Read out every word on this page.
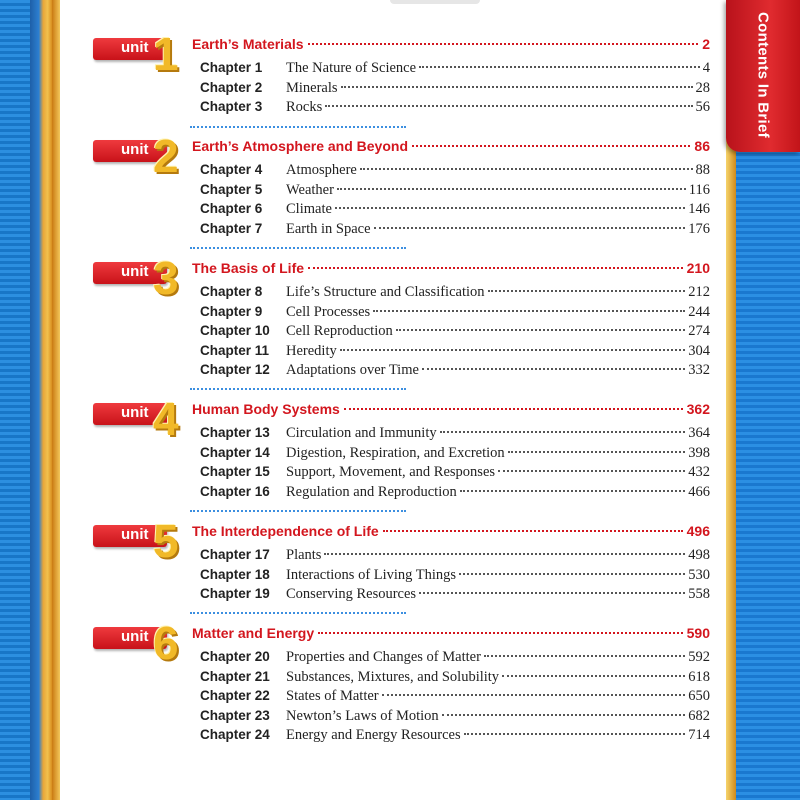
unit 1 Earth’s Materials	2
Chapter 1	The Nature of Science	4
Chapter 2	Minerals	28
Chapter 3	Rocks	56
unit 2 Earth’s Atmosphere and Beyond	86
Chapter 4	Atmosphere	88
Chapter 5	Weather	116
Chapter 6	Climate	146
Chapter 7	Earth in Space	176
unit 3 The Basis of Life	210
Chapter 8	Life’s Structure and Classification	212
Chapter 9	Cell Processes	244
Chapter 10	Cell Reproduction	274
Chapter 11	Heredity	304
Chapter 12	Adaptations over Time	332
unit 4 Human Body Systems	362
Chapter 13	Circulation and Immunity	364
Chapter 14	Digestion, Respiration, and Excretion	398
Chapter 15	Support, Movement, and Responses	432
Chapter 16	Regulation and Reproduction	466
unit 5 The Interdependence of Life	496
Chapter 17	Plants	498
Chapter 18	Interactions of Living Things	530
Chapter 19	Conserving Resources	558
unit 6 Matter and Energy	590
Chapter 20	Properties and Changes of Matter	592
Chapter 21	Substances, Mixtures, and Solubility	618
Chapter 22	States of Matter	650
Chapter 23	Newton’s Laws of Motion	682
Chapter 24	Energy and Energy Resources	714
Contents In Brief
